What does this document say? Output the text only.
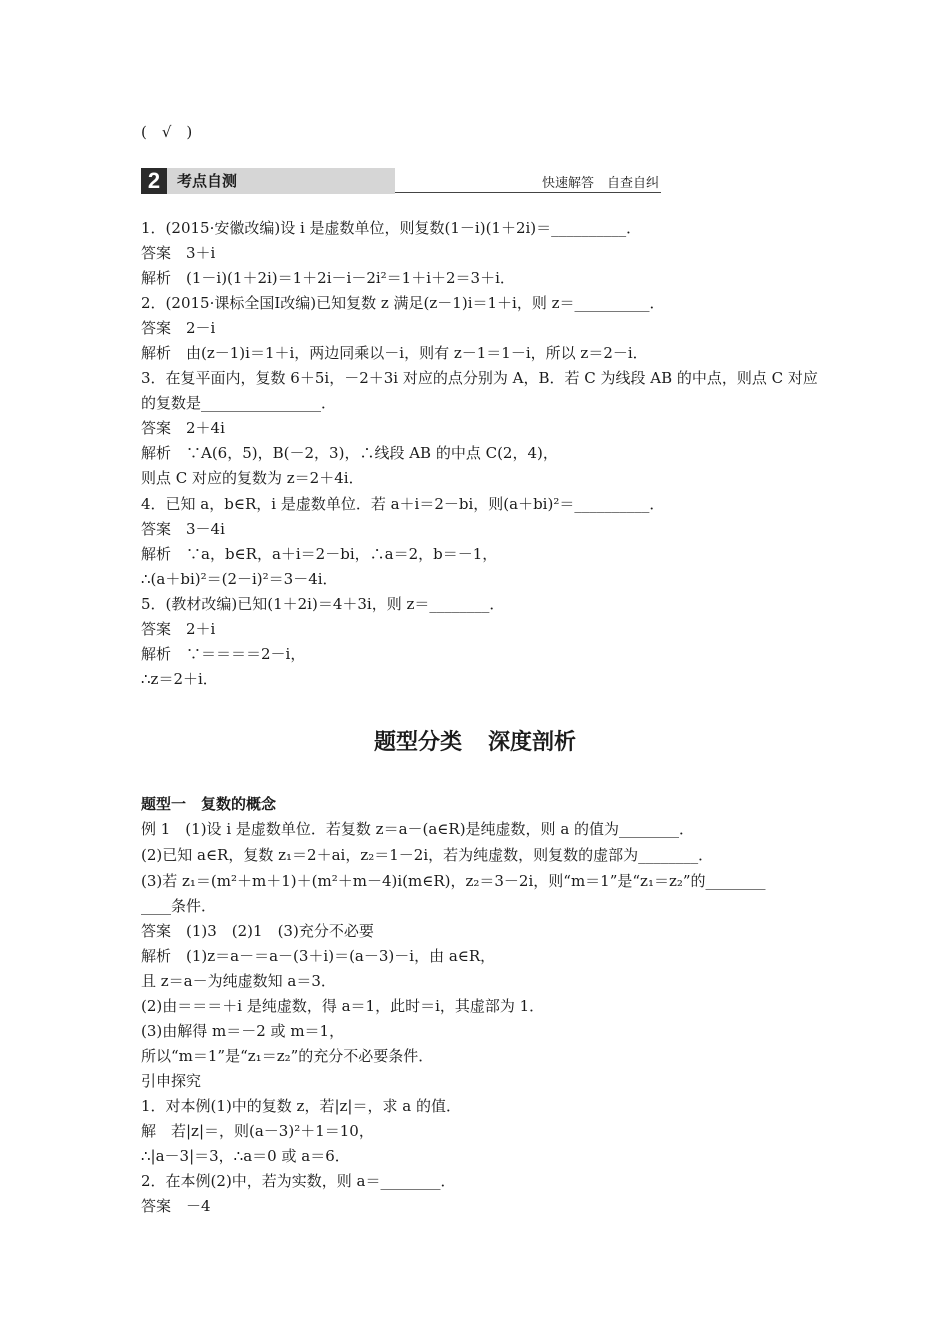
(　√　)
2	考点自测	快速解答　自查自纠
1．(2015·安徽改编)设 i 是虚数单位，则复数(1－i)(1＋2i)＝__________．
答案　3＋i
解析　(1－i)(1＋2i)＝1＋2i－i－2i²＝1＋i＋2＝3＋i．
2．(2015·课标全国Ⅰ改编)已知复数 z 满足(z－1)i＝1＋i，则 z＝__________．
答案　2－i
解析　由(z－1)i＝1＋i，两边同乘以－i，则有 z－1＝1－i，所以 z＝2－i．
3．在复平面内，复数 6＋5i，－2＋3i 对应的点分别为 A，B．若 C 为线段 AB 的中点，则点 C 对应
的复数是________________．
答案　2＋4i
解析　∵A(6，5)，B(－2，3)，∴线段 AB 的中点 C(2，4)，
则点 C 对应的复数为 z＝2＋4i．
4．已知 a，b∈R，i 是虚数单位．若 a＋i＝2－bi，则(a＋bi)²＝__________．
答案　3－4i
解析　∵a，b∈R，a＋i＝2－bi，∴a＝2，b＝－1，
∴(a＋bi)²＝(2－i)²＝3－4i．
5．(教材改编)已知(1＋2i)＝4＋3i，则 z＝________．
答案　2＋i
解析　∵＝＝＝＝2－i，
∴z＝2＋i．
题型分类 深度剖析
题型一　复数的概念
例 1　(1)设 i 是虚数单位．若复数 z＝a－(a∈R)是纯虚数，则 a 的值为________．
(2)已知 a∈R，复数 z₁＝2＋ai，z₂＝1－2i，若为纯虚数，则复数的虚部为________．
(3)若 z₁＝(m²＋m＋1)＋(m²＋m－4)i(m∈R)，z₂＝3－2i，则“m＝1”是“z₁＝z₂”的________
____条件．
答案　(1)3　(2)1　(3)充分不必要
解析　(1)z＝a－＝a－(3＋i)＝(a－3)－i，由 a∈R，
且 z＝a－为纯虚数知 a＝3．
(2)由＝＝＝＋i 是纯虚数，得 a＝1，此时＝i，其虚部为 1．
(3)由解得 m＝－2 或 m＝1，
所以“m＝1”是“z₁＝z₂”的充分不必要条件．
引申探究
1．对本例(1)中的复数 z，若|z|＝，求 a 的值．
解　若|z|＝，则(a－3)²＋1＝10，
∴|a－3|＝3，∴a＝0 或 a＝6．
2．在本例(2)中，若为实数，则 a＝________．
答案　－4
